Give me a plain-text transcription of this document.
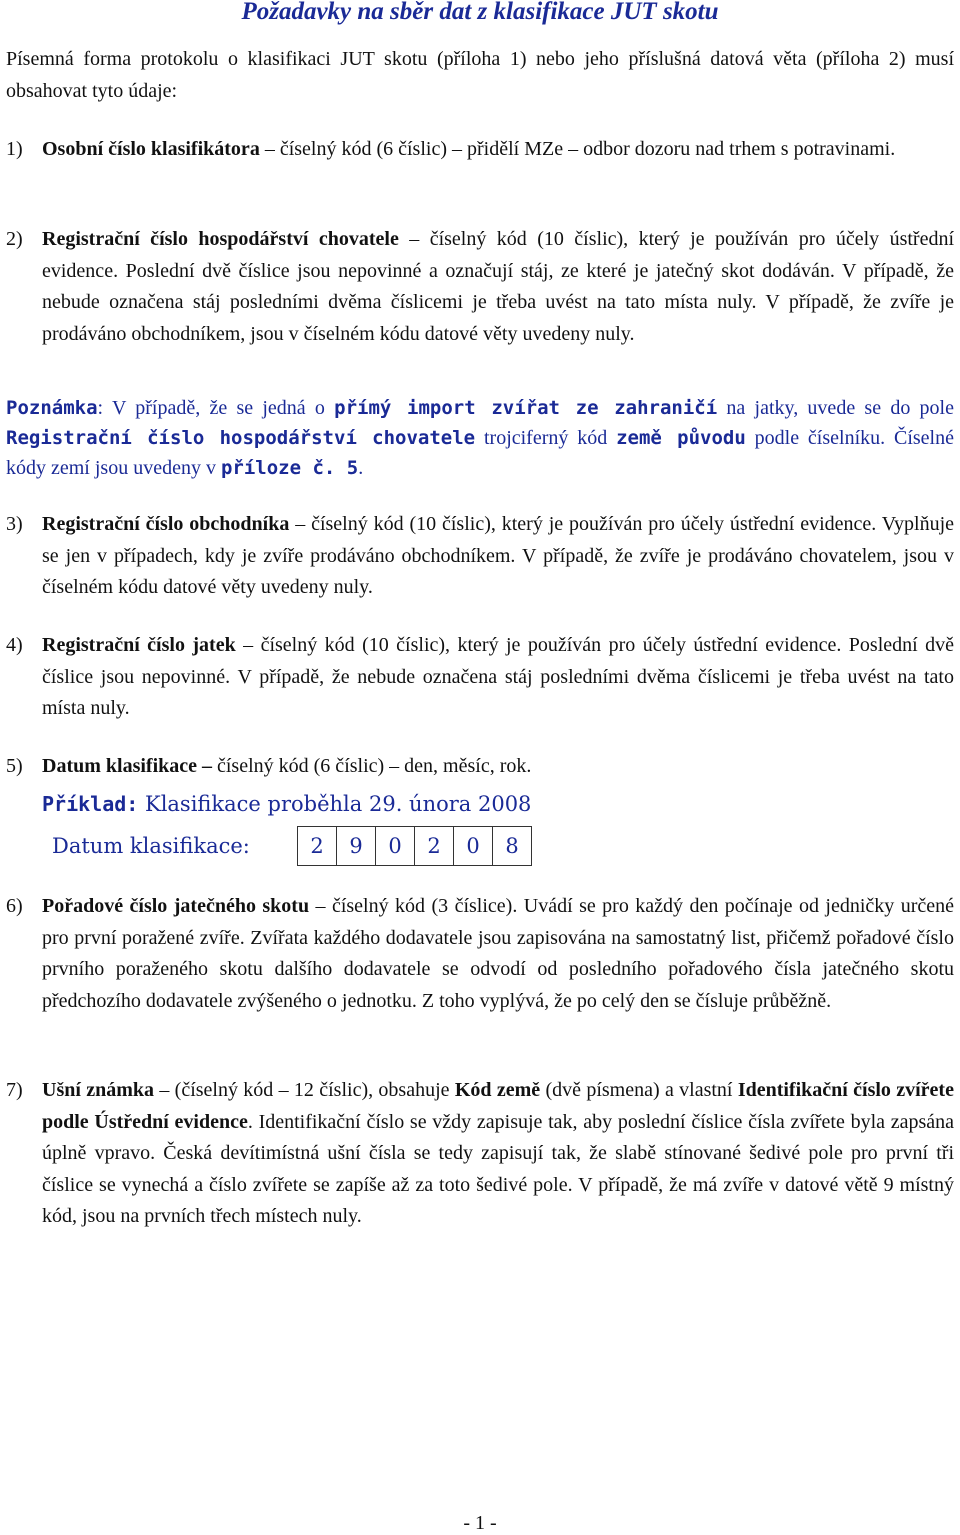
Požadavky na sběr dat z klasifikace JUT skotu
Písemná forma protokolu o klasifikaci JUT skotu (příloha 1) nebo jeho příslušná datová věta (příloha 2) musí obsahovat tyto údaje:
1) Osobní číslo klasifikátora – číselný kód (6 číslic) – přidělí MZe – odbor dozoru nad trhem s potravinami.
2) Registrační číslo hospodářství chovatele – číselný kód (10 číslic), který je používán pro účely ústřední evidence. Poslední dvě číslice jsou nepovinné a označují stáj, ze které je jatečný skot dodáván. V případě, že nebude označena stáj posledními dvěma číslicemi je třeba uvést na tato místa nuly. V případě, že zvíře je prodáváno obchodníkem, jsou v číselném kódu datové věty uvedeny nuly.
Poznámka: V případě, že se jedná o přímý import zvířat ze zahraničí na jatky, uvede se do pole Registrační číslo hospodářství chovatele trojciferný kód země původu podle číselníku. Číselné kódy zemí jsou uvedeny v příloze č. 5.
3) Registrační číslo obchodníka – číselný kód (10 číslic), který je používán pro účely ústřední evidence. Vyplňuje se jen v případech, kdy je zvíře prodáváno obchodníkem. V případě, že zvíře je prodáváno chovatelem, jsou v číselném kódu datové věty uvedeny nuly.
4) Registrační číslo jatek – číselný kód (10 číslic), který je používán pro účely ústřední evidence. Poslední dvě číslice jsou nepovinné. V případě, že nebude označena stáj posledními dvěma číslicemi je třeba uvést na tato místa nuly.
5) Datum klasifikace – číselný kód (6 číslic) – den, měsíc, rok.
Příklad: Klasifikace proběhla 29. února 2008
Datum klasifikace:	2	9	0	2	0	8
6) Pořadové číslo jatečného skotu – číselný kód (3 číslice). Uvádí se pro každý den počínaje od jedničky určené pro první poražené zvíře. Zvířata každého dodavatele jsou zapisována na samostatný list, přičemž pořadové číslo prvního poraženého skotu dalšího dodavatele se odvodí od posledního pořadového čísla jatečného skotu předchozího dodavatele zvýšeného o jednotku. Z toho vyplývá, že po celý den se čísluje průběžně.
7) Ušní známka – (číselný kód – 12 číslic), obsahuje Kód země (dvě písmena) a vlastní Identifikační číslo zvířete podle Ústřední evidence. Identifikační číslo se vždy zapisuje tak, aby poslední číslice čísla zvířete byla zapsána úplně vpravo. Česká devítimístná ušní čísla se tedy zapisují tak, že slabě stínované šedivé pole pro první tři číslice se vynechá a číslo zvířete se zapíše až za toto šedivé pole. V případě, že má zvíře v datové větě 9 místný kód, jsou na prvních třech místech nuly.
- 1 -
